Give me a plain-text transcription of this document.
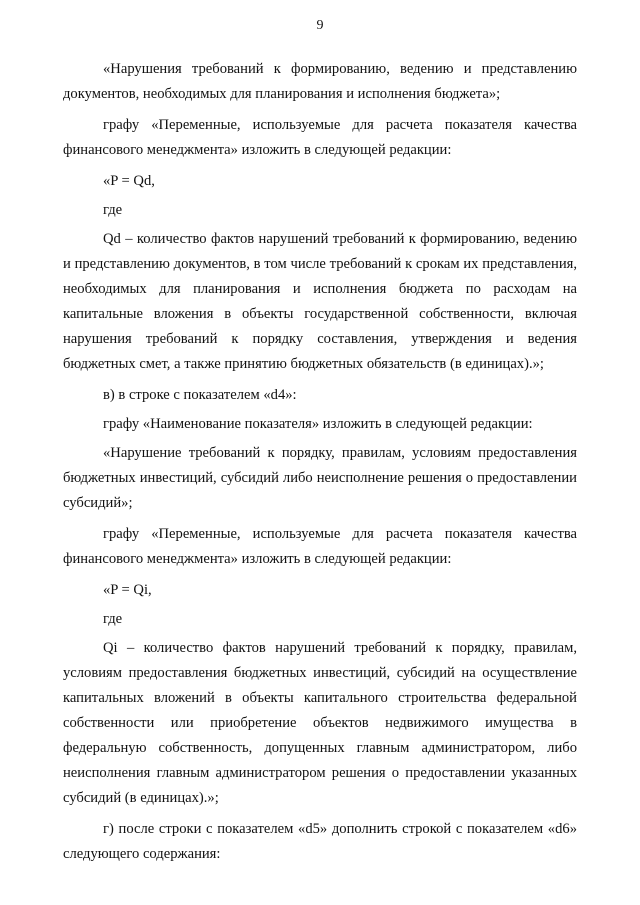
9

«Нарушения требований к формированию, ведению и представлению документов, необходимых для планирования и исполнения бюджета»;

графу «Переменные, используемые для расчета показателя качества финансового менеджмента» изложить в следующей редакции:

«P = Qd,

где

Qd – количество фактов нарушений требований к формированию, ведению и представлению документов, в том числе требований к срокам их представления, необходимых для планирования и исполнения бюджета по расходам на капитальные вложения в объекты государственной собственности, включая нарушения требований к порядку составления, утверждения и ведения бюджетных смет, а также принятию бюджетных обязательств (в единицах).»;

в) в строке с показателем «d4»:

графу «Наименование показателя» изложить в следующей редакции:

«Нарушение требований к порядку, правилам, условиям предоставления бюджетных инвестиций, субсидий либо неисполнение решения о предоставлении субсидий»;

графу «Переменные, используемые для расчета показателя качества финансового менеджмента» изложить в следующей редакции:

«P = Qi,

где

Qi – количество фактов нарушений требований к порядку, правилам, условиям предоставления бюджетных инвестиций, субсидий на осуществление капитальных вложений в объекты капитального строительства федеральной собственности или приобретение объектов недвижимого имущества в федеральную собственность, допущенных главным администратором, либо неисполнения главным администратором решения о предоставлении указанных субсидий (в единицах).»;

г) после строки с показателем «d5» дополнить строкой с показателем «d6» следующего содержания:
